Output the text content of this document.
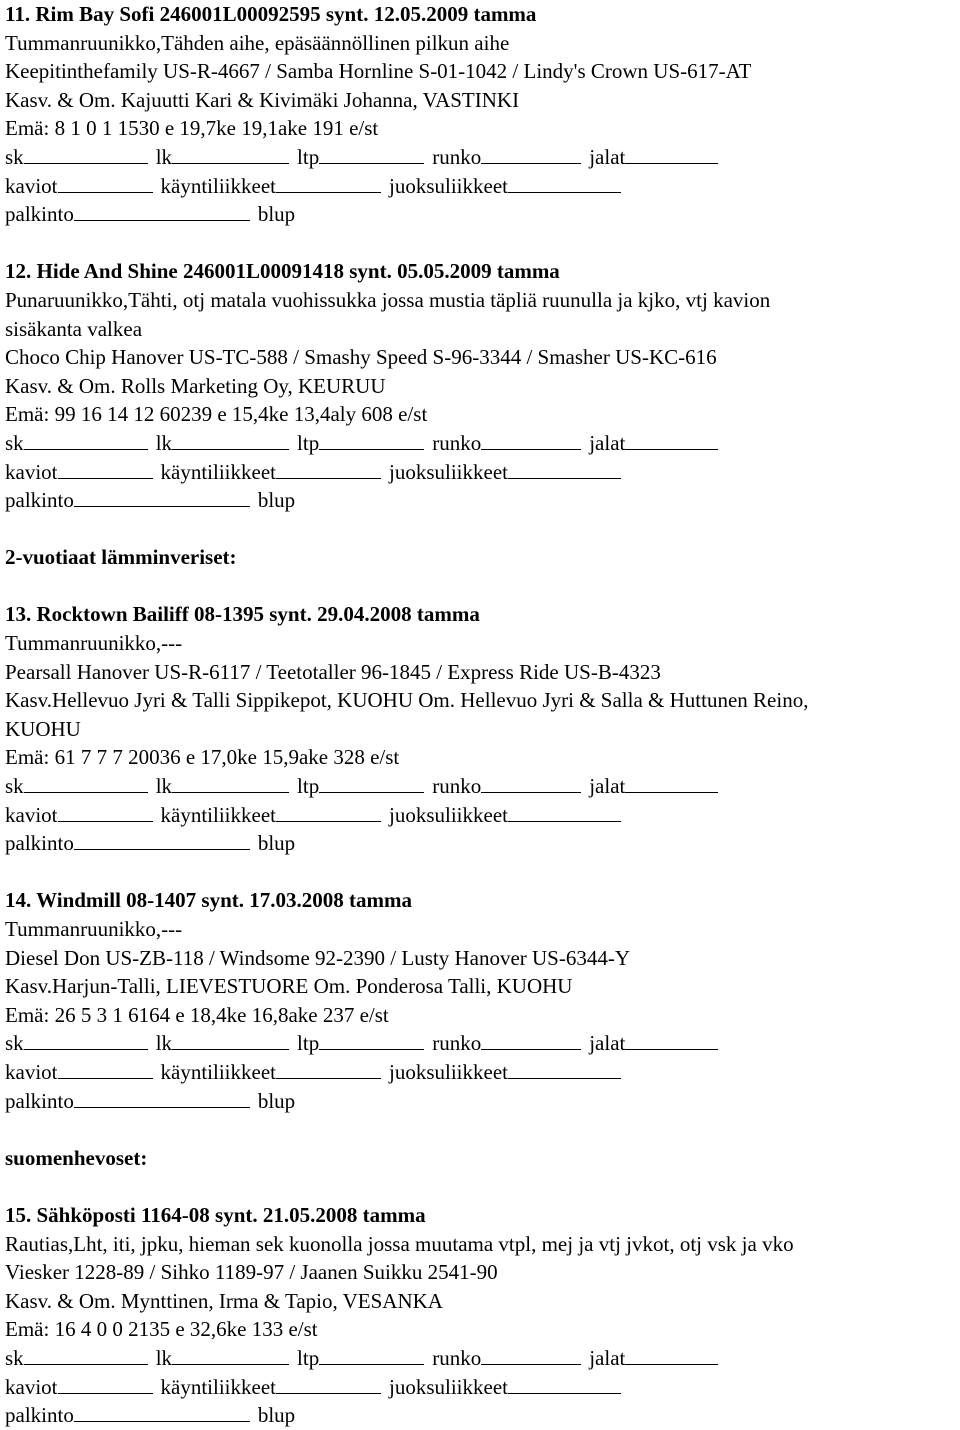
11. Rim Bay Sofi 246001L00092595 synt. 12.05.2009 tamma
Tummanruunikko,Tähden aihe, epäsäännöllinen pilkun aihe
Keepitinthefamily US-R-4667 / Samba Hornline S-01-1042 / Lindy's Crown US-617-AT
Kasv. & Om. Kajuutti Kari & Kivimäki Johanna, VASTINKI
Emä: 8 1 0 1 1530 e 19,7ke 19,1ake 191 e/st
sk	lk	ltp	runko	jalat
kaviot	käyntiliikkeet	juoksuliikkeet
palkinto	blup
12. Hide And Shine 246001L00091418 synt. 05.05.2009 tamma
Punaruunikko,Tähti, otj matala vuohissukka jossa mustia täpliä ruunulla ja kjko, vtj kavion
sisäkanta valkea
Choco Chip Hanover US-TC-588 / Smashy Speed S-96-3344 / Smasher US-KC-616
Kasv. & Om. Rolls Marketing Oy, KEURUU
Emä: 99 16 14 12 60239 e 15,4ke 13,4aly 608 e/st
sk	lk	ltp	runko	jalat
kaviot	käyntiliikkeet	juoksuliikkeet
palkinto	blup
2-vuotiaat lämminveriset:
13. Rocktown Bailiff 08-1395 synt. 29.04.2008 tamma
Tummanruunikko,---
Pearsall Hanover US-R-6117 / Teetotaller 96-1845 / Express Ride US-B-4323
Kasv.Hellevuo Jyri & Talli Sippikepot, KUOHU Om. Hellevuo Jyri & Salla & Huttunen Reino,
KUOHU
Emä: 61 7 7 7 20036 e 17,0ke 15,9ake 328 e/st
sk	lk	ltp	runko	jalat
kaviot	käyntiliikkeet	juoksuliikkeet
palkinto	blup
14. Windmill 08-1407 synt. 17.03.2008 tamma
Tummanruunikko,---
Diesel Don US-ZB-118 / Windsome 92-2390 / Lusty Hanover US-6344-Y
Kasv.Harjun-Talli, LIEVESTUORE Om. Ponderosa Talli, KUOHU
Emä: 26 5 3 1 6164 e 18,4ke 16,8ake 237 e/st
sk	lk	ltp	runko	jalat
kaviot	käyntiliikkeet	juoksuliikkeet
palkinto	blup
suomenhevoset:
15. Sähköposti 1164-08 synt. 21.05.2008 tamma
Rautias,Lht, iti, jpku, hieman sek kuonolla jossa muutama vtpl, mej ja vtj jvkot, otj vsk ja vko
Viesker 1228-89 / Sihko 1189-97 / Jaanen Suikku 2541-90
Kasv. & Om. Mynttinen, Irma & Tapio, VESANKA
Emä: 16 4 0 0 2135 e 32,6ke 133 e/st
sk	lk	ltp	runko	jalat
kaviot	käyntiliikkeet	juoksuliikkeet
palkinto	blup
